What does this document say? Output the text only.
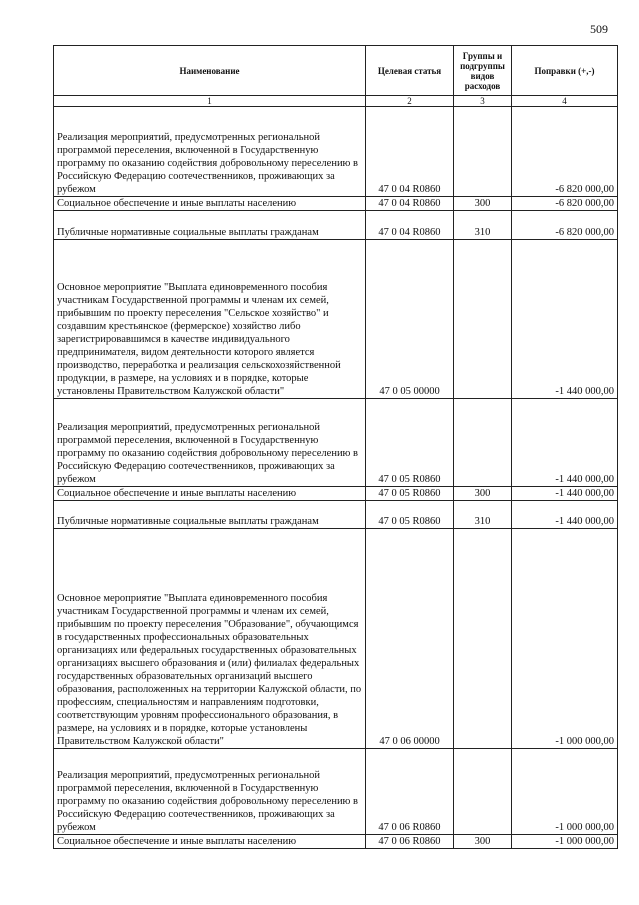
509
Наименование	Целевая статья	Группы и подгруппы видов расходов	Поправки (+,-)
1	2	3	4
Реализация мероприятий, предусмотренных региональной программой переселения, включенной в Государственную программу по оказанию содействия добровольному переселению в Российскую Федерацию соотечественников, проживающих за рубежом	47 0 04 R0860		-6 820 000,00
Социальное обеспечение и иные выплаты населению	47 0 04 R0860	300	-6 820 000,00
Публичные нормативные социальные выплаты гражданам	47 0 04 R0860	310	-6 820 000,00
Основное мероприятие "Выплата единовременного пособия участникам Государственной программы и членам их семей, прибывшим по проекту переселения "Сельское хозяйство" и создавшим крестьянское (фермерское) хозяйство либо зарегистрировавшимся в качестве индивидуального предпринимателя, видом деятельности которого является производство, переработка и реализация сельскохозяйственной продукции, в размере, на условиях и в порядке, которые установлены Правительством Калужской области"	47 0 05 00000		-1 440 000,00
Реализация мероприятий, предусмотренных региональной программой переселения, включенной в Государственную программу по оказанию содействия добровольному переселению в Российскую Федерацию соотечественников, проживающих за рубежом	47 0 05 R0860		-1 440 000,00
Социальное обеспечение и иные выплаты населению	47 0 05 R0860	300	-1 440 000,00
Публичные нормативные социальные выплаты гражданам	47 0 05 R0860	310	-1 440 000,00
Основное мероприятие "Выплата единовременного пособия участникам Государственной программы и членам их семей, прибывшим по проекту переселения "Образование", обучающимся в государственных профессиональных образовательных организациях или федеральных государственных образовательных организациях высшего образования и (или) филиалах федеральных государственных образовательных организаций высшего образования, расположенных на территории Калужской области, по профессиям, специальностям и направлениям подготовки, соответствующим уровням профессионального образования, в размере, на условиях и в порядке, которые установлены Правительством Калужской области"	47 0 06 00000		-1 000 000,00
Реализация мероприятий, предусмотренных региональной программой переселения, включенной в Государственную программу по оказанию содействия добровольному переселению в Российскую Федерацию соотечественников, проживающих за рубежом	47 0 06 R0860		-1 000 000,00
Социальное обеспечение и иные выплаты населению	47 0 06 R0860	300	-1 000 000,00
